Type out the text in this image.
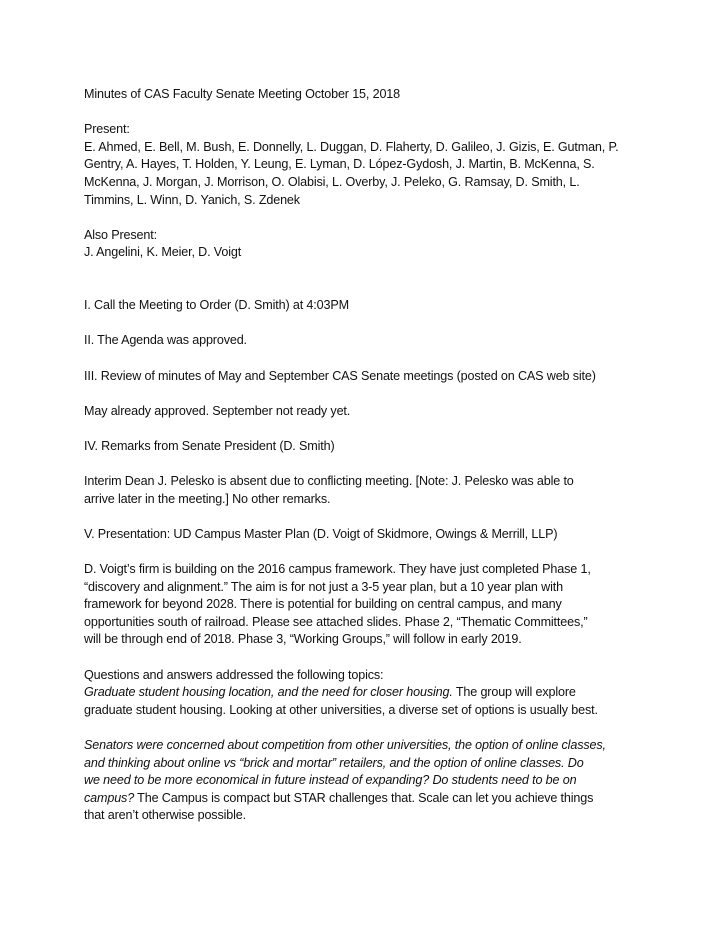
Minutes of CAS Faculty Senate Meeting October 15, 2018
Present:
E. Ahmed, E. Bell, M. Bush, E. Donnelly, L. Duggan, D. Flaherty, D. Galileo, J. Gizis, E. Gutman, P.
Gentry, A. Hayes, T. Holden, Y. Leung, E. Lyman, D. López-Gydosh, J. Martin, B. McKenna, S.
McKenna, J. Morgan, J. Morrison, O. Olabisi, L. Overby, J. Peleko, G. Ramsay, D. Smith, L.
Timmins, L. Winn, D. Yanich, S. Zdenek
Also Present:
J. Angelini, K. Meier, D. Voigt
I. Call the Meeting to Order (D. Smith) at 4:03PM
II. The Agenda was approved.
III. Review of minutes of May and September CAS Senate meetings (posted on CAS web site)
May already approved. September not ready yet.
IV. Remarks from Senate President (D. Smith)
Interim Dean J. Pelesko is absent due to conflicting meeting. [Note: J. Pelesko was able to
arrive later in the meeting.] No other remarks.
V. Presentation: UD Campus Master Plan (D. Voigt of Skidmore, Owings & Merrill, LLP)
D. Voigt’s firm is building on the 2016 campus framework. They have just completed Phase 1,
“discovery and alignment.” The aim is for not just a 3-5 year plan, but a 10 year plan with
framework for beyond 2028. There is potential for building on central campus, and many
opportunities south of railroad. Please see attached slides. Phase 2, “Thematic Committees,”
will be through end of 2018. Phase 3, “Working Groups,” will follow in early 2019.
Questions and answers addressed the following topics:
Graduate student housing location, and the need for closer housing. The group will explore
graduate student housing. Looking at other universities, a diverse set of options is usually best.
Senators were concerned about competition from other universities, the option of online classes,
and thinking about online vs “brick and mortar” retailers, and the option of online classes. Do
we need to be more economical in future instead of expanding? Do students need to be on
campus? The Campus is compact but STAR challenges that. Scale can let you achieve things
that aren’t otherwise possible.
